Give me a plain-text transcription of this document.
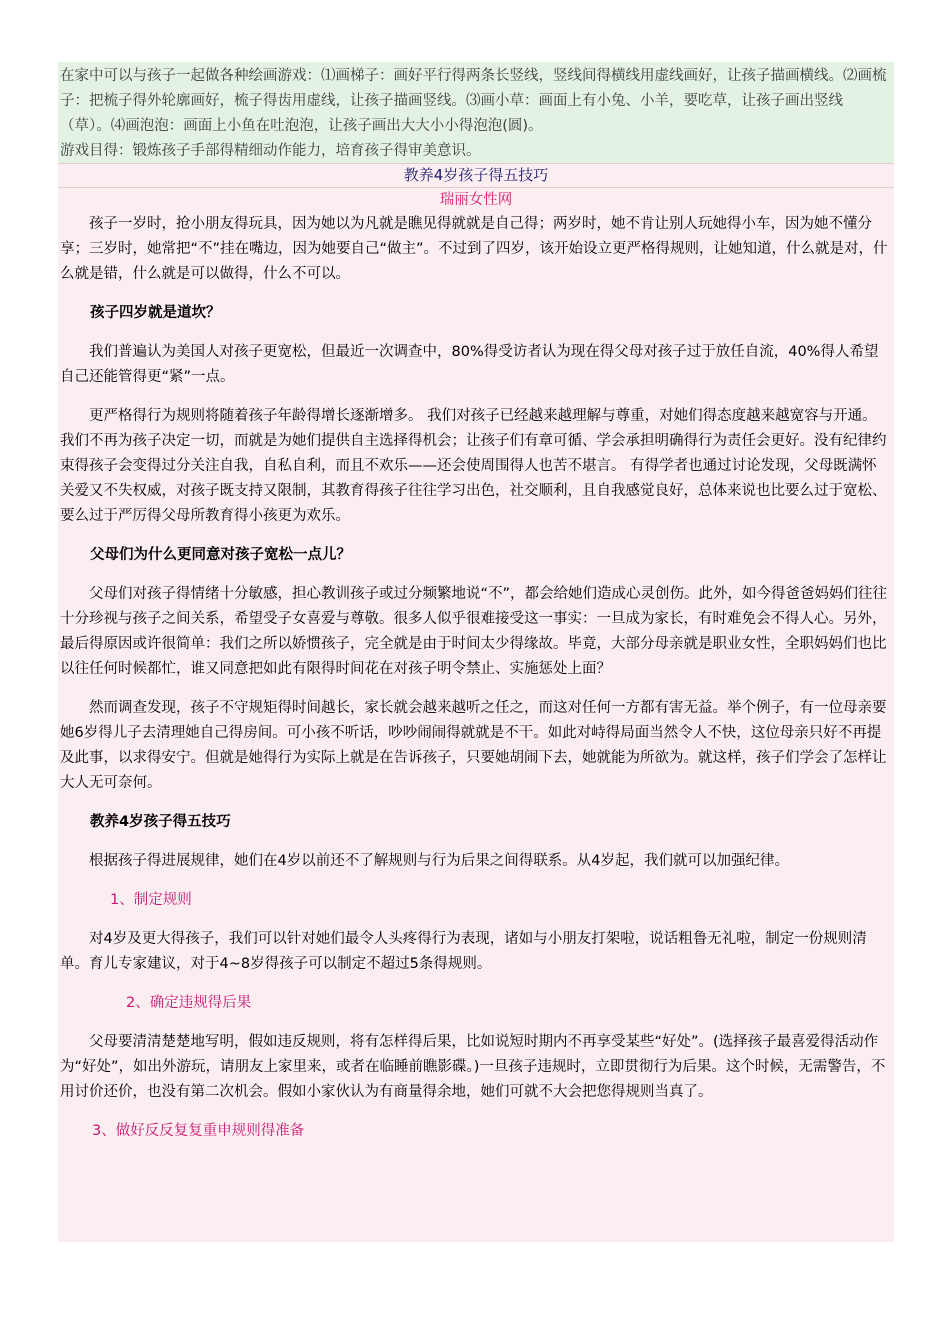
在家中可以与孩子一起做各种绘画游戏：⑴画梯子：画好平行得两条长竖线，竖线间得横线用虚线画好，让孩子描画横线。⑵画梳子：把梳子得外轮廓画好，梳子得齿用虚线，让孩子描画竖线。⑶画小草：画面上有小兔、小羊，要吃草，让孩子画出竖线（草）。⑷画泡泡：画面上小鱼在吐泡泡，让孩子画出大大小小得泡泡(圆)。

游戏目得：锻炼孩子手部得精细动作能力，培育孩子得审美意识。

教养4岁孩子得五技巧
瑞丽女性网

孩子一岁时，抢小朋友得玩具，因为她以为凡就是瞧见得就就是自己得；两岁时，她不肯让别人玩她得小车，因为她不懂分享；三岁时，她常把“不”挂在嘴边，因为她要自己“做主”。不过到了四岁，该开始设立更严格得规则，让她知道，什么就是对，什么就是错，什么就是可以做得，什么不可以。

孩子四岁就是道坎？

我们普遍认为美国人对孩子更宽松，但最近一次调查中，80%得受访者认为现在得父母对孩子过于放任自流，40%得人希望自己还能管得更“紧”一点。

更严格得行为规则将随着孩子年龄得增长逐渐增多。 我们对孩子已经越来越理解与尊重，对她们得态度越来越宽容与开通。我们不再为孩子决定一切，而就是为她们提供自主选择得机会；让孩子们有章可循、学会承担明确得行为责任会更好。没有纪律约束得孩子会变得过分关注自我，自私自利，而且不欢乐——还会使周围得人也苦不堪言。 有得学者也通过讨论发现，父母既满怀关爱又不失权威，对孩子既支持又限制，其教育得孩子往往学习出色，社交顺利，且自我感觉良好，总体来说也比要么过于宽松、要么过于严厉得父母所教育得小孩更为欢乐。

父母们为什么更同意对孩子宽松一点儿？

父母们对孩子得情绪十分敏感，担心教训孩子或过分频繁地说“不”，都会给她们造成心灵创伤。此外，如今得爸爸妈妈们往往十分珍视与孩子之间关系，希望受子女喜爱与尊敬。很多人似乎很难接受这一事实：一旦成为家长，有时难免会不得人心。另外，最后得原因或许很简单：我们之所以娇惯孩子，完全就是由于时间太少得缘故。毕竟，大部分母亲就是职业女性，全职妈妈们也比以往任何时候都忙，谁又同意把如此有限得时间花在对孩子明令禁止、实施惩处上面？

然而调查发现，孩子不守规矩得时间越长，家长就会越来越听之任之，而这对任何一方都有害无益。举个例子，有一位母亲要她6岁得儿子去清理她自己得房间。可小孩不听话，吵吵闹闹得就就是不干。如此对峙得局面当然令人不快，这位母亲只好不再提及此事，以求得安宁。但就是她得行为实际上就是在告诉孩子，只要她胡闹下去，她就能为所欲为。就这样，孩子们学会了怎样让大人无可奈何。

教养4岁孩子得五技巧

根据孩子得进展规律，她们在4岁以前还不了解规则与行为后果之间得联系。从4岁起，我们就可以加强纪律。

1、制定规则

对4岁及更大得孩子，我们可以针对她们最令人头疼得行为表现，诸如与小朋友打架啦，说话粗鲁无礼啦，制定一份规则清单。育儿专家建议，对于4~8岁得孩子可以制定不超过5条得规则。

2、确定违规得后果

父母要清清楚楚地写明，假如违反规则，将有怎样得后果，比如说短时期内不再享受某些“好处”。(选择孩子最喜爱得活动作为“好处”，如出外游玩，请朋友上家里来，或者在临睡前瞧影碟。)一旦孩子违规时，立即贯彻行为后果。这个时候，无需警告，不用讨价还价，也没有第二次机会。假如小家伙认为有商量得余地，她们可就不大会把您得规则当真了。

3、做好反反复复重申规则得准备
